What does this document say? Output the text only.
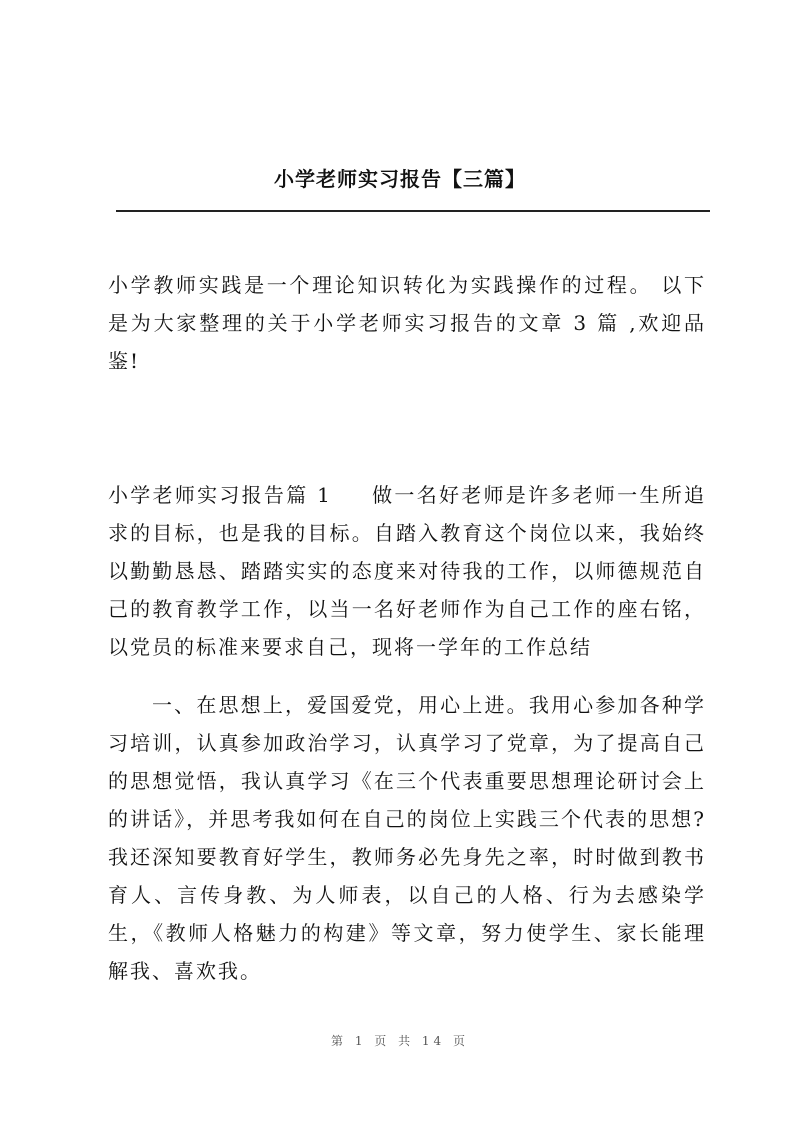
小学老师实习报告【三篇】

小学教师实践是一个理论知识转化为实践操作的过程。 以下是为大家整理的关于小学老师实习报告的文章 3 篇 ,欢迎品鉴!

小学老师实习报告篇 1 做一名好老师是许多老师一生所追求的目标，也是我的目标。自踏入教育这个岗位以来，我始终以勤勤恳恳、踏踏实实的态度来对待我的工作，以师德规范自己的教育教学工作，以当一名好老师作为自己工作的座右铭，以党员的标准来要求自己，现将一学年的工作总结

一、在思想上，爱国爱党，用心上进。我用心参加各种学习培训，认真参加政治学习，认真学习了党章，为了提高自己的思想觉悟，我认真学习《在三个代表重要思想理论研讨会上的讲话》，并思考我如何在自己的岗位上实践三个代表的思想?我还深知要教育好学生，教师务必先身先之率，时时做到教书育人、言传身教、为人师表，以自己的人格、行为去感染学生，《教师人格魅力的构建》等文章，努力使学生、家长能理解我、喜欢我。

第 1 页 共 14 页
